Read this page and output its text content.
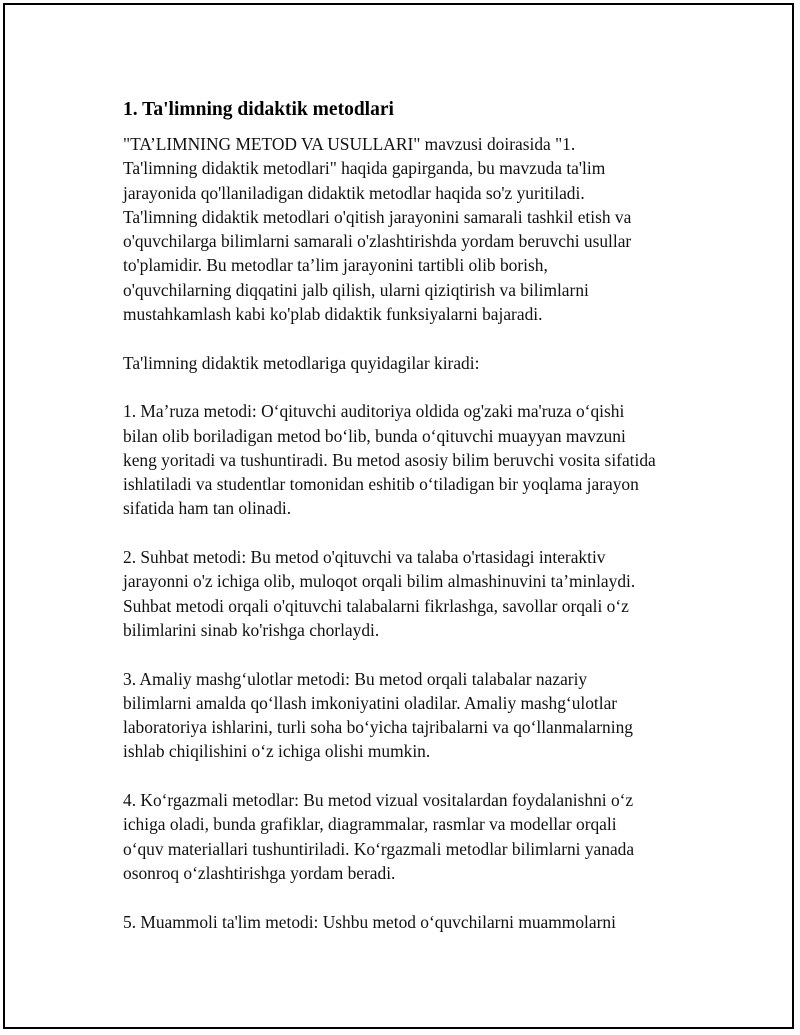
1. Ta'limning didaktik metodlari
"TA’LIMNING METOD VA USULLARI" mavzusi doirasida "1.
Ta'limning didaktik metodlari" haqida gapirganda, bu mavzuda ta'lim
jarayonida qo'llaniladigan didaktik metodlar haqida so'z yuritiladi.
Ta'limning didaktik metodlari o'qitish jarayonini samarali tashkil etish va
o'quvchilarga bilimlarni samarali o'zlashtirishda yordam beruvchi usullar
to'plamidir. Bu metodlar ta’lim jarayonini tartibli olib borish,
o'quvchilarning diqqatini jalb qilish, ularni qiziqtirish va bilimlarni
mustahkamlash kabi ko'plab didaktik funksiyalarni bajaradi.
Ta'limning didaktik metodlariga quyidagilar kiradi:
1. Ma’ruza metodi: O‘qituvchi auditoriya oldida og'zaki ma'ruza o‘qishi
bilan olib boriladigan metod bo‘lib, bunda o‘qituvchi muayyan mavzuni
keng yoritadi va tushuntiradi. Bu metod asosiy bilim beruvchi vosita sifatida
ishlatiladi va studentlar tomonidan eshitib o‘tiladigan bir yoqlama jarayon
sifatida ham tan olinadi.
2. Suhbat metodi: Bu metod o'qituvchi va talaba o'rtasidagi interaktiv
jarayonni o'z ichiga olib, muloqot orqali bilim almashinuvini ta’minlaydi.
Suhbat metodi orqali o'qituvchi talabalarni fikrlashga, savollar orqali o‘z
bilimlarini sinab ko'rishga chorlaydi.
3. Amaliy mashg‘ulotlar metodi: Bu metod orqali talabalar nazariy
bilimlarni amalda qo‘llash imkoniyatini oladilar. Amaliy mashg‘ulotlar
laboratoriya ishlarini, turli soha bo‘yicha tajribalarni va qo‘llanmalarning
ishlab chiqilishini o‘z ichiga olishi mumkin.
4. Ko‘rgazmali metodlar: Bu metod vizual vositalardan foydalanishni o‘z
ichiga oladi, bunda grafiklar, diagrammalar, rasmlar va modellar orqali
o‘quv materiallari tushuntiriladi. Ko‘rgazmali metodlar bilimlarni yanada
osonroq o‘zlashtirishga yordam beradi.
5. Muammoli ta'lim metodi: Ushbu metod o‘quvchilarni muammolarni
